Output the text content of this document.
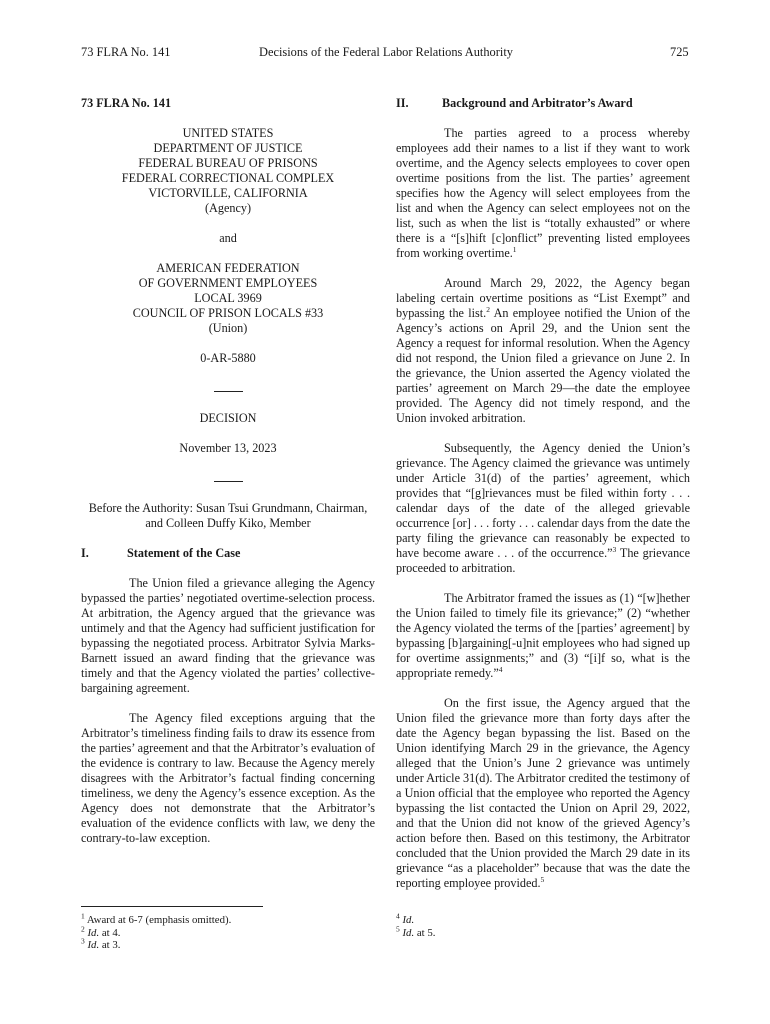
73 FLRA No. 141	Decisions of the Federal Labor Relations Authority	725
73 FLRA No. 141
UNITED STATES
DEPARTMENT OF JUSTICE
FEDERAL BUREAU OF PRISONS
FEDERAL CORRECTIONAL COMPLEX
VICTORVILLE, CALIFORNIA
(Agency)
and
AMERICAN FEDERATION
OF GOVERNMENT EMPLOYEES
LOCAL 3969
COUNCIL OF PRISON LOCALS #33
(Union)
0-AR-5880
DECISION
November 13, 2023
Before the Authority: Susan Tsui Grundmann, Chairman,
and Colleen Duffy Kiko, Member
I.	Statement of the Case

The Union filed a grievance alleging the Agency bypassed the parties’ negotiated overtime-selection process. At arbitration, the Agency argued that the grievance was untimely and that the Agency had sufficient justification for bypassing the negotiated process. Arbitrator Sylvia Marks-Barnett issued an award finding that the grievance was timely and that the Agency violated the parties’ collective-bargaining agreement.

The Agency filed exceptions arguing that the Arbitrator’s timeliness finding fails to draw its essence from the parties’ agreement and that the Arbitrator’s evaluation of the evidence is contrary to law. Because the Agency merely disagrees with the Arbitrator’s factual finding concerning timeliness, we deny the Agency’s essence exception. As the Agency does not demonstrate that the Arbitrator’s evaluation of the evidence conflicts with law, we deny the contrary-to-law exception.

II.	Background and Arbitrator’s Award

The parties agreed to a process whereby employees add their names to a list if they want to work overtime, and the Agency selects employees to cover open overtime positions from the list. The parties’ agreement specifies how the Agency will select employees from the list and when the Agency can select employees not on the list, such as when the list is “totally exhausted” or where there is a “[s]hift [c]onflict” preventing listed employees from working overtime.$^1$

Around March 29, 2022, the Agency began labeling certain overtime positions as “List Exempt” and bypassing the list.$^2$ An employee notified the Union of the Agency’s actions on April 29, and the Union sent the Agency a request for informal resolution. When the Agency did not respond, the Union filed a grievance on June 2. In the grievance, the Union asserted the Agency violated the parties’ agreement on March 29—the date the employee provided. The Agency did not timely respond, and the Union invoked arbitration.

Subsequently, the Agency denied the Union’s grievance. The Agency claimed the grievance was untimely under Article 31(d) of the parties’ agreement, which provides that “[g]rievances must be filed within forty . . . calendar days of the date of the alleged grievable occurrence [or] . . . forty . . . calendar days from the date the party filing the grievance can reasonably be expected to have become aware . . . of the occurrence.”$^3$ The grievance proceeded to arbitration.

The Arbitrator framed the issues as (1) “[w]hether the Union failed to timely file its grievance;” (2) “whether the Agency violated the terms of the [parties’ agreement] by bypassing [b]argaining[-u]nit employees who had signed up for overtime assignments;” and (3) “[i]f so, what is the appropriate remedy.”$^4$

On the first issue, the Agency argued that the Union filed the grievance more than forty days after the date the Agency began bypassing the list. Based on the Union identifying March 29 in the grievance, the Agency alleged that the Union’s June 2 grievance was untimely under Article 31(d). The Arbitrator credited the testimony of a Union official that the employee who reported the Agency bypassing the list contacted the Union on April 29, 2022, and that the Union did not know of the grieved Agency’s action before then. Based on this testimony, the Arbitrator concluded that the Union provided the March 29 date in its grievance “as a placeholder” because that was the date the reporting employee provided.$^5$

$^1$ Award at 6-7 (emphasis omitted).
$^2$ Id. at 4.
$^3$ Id. at 3.
$^4$ Id.
$^5$ Id. at 5.
